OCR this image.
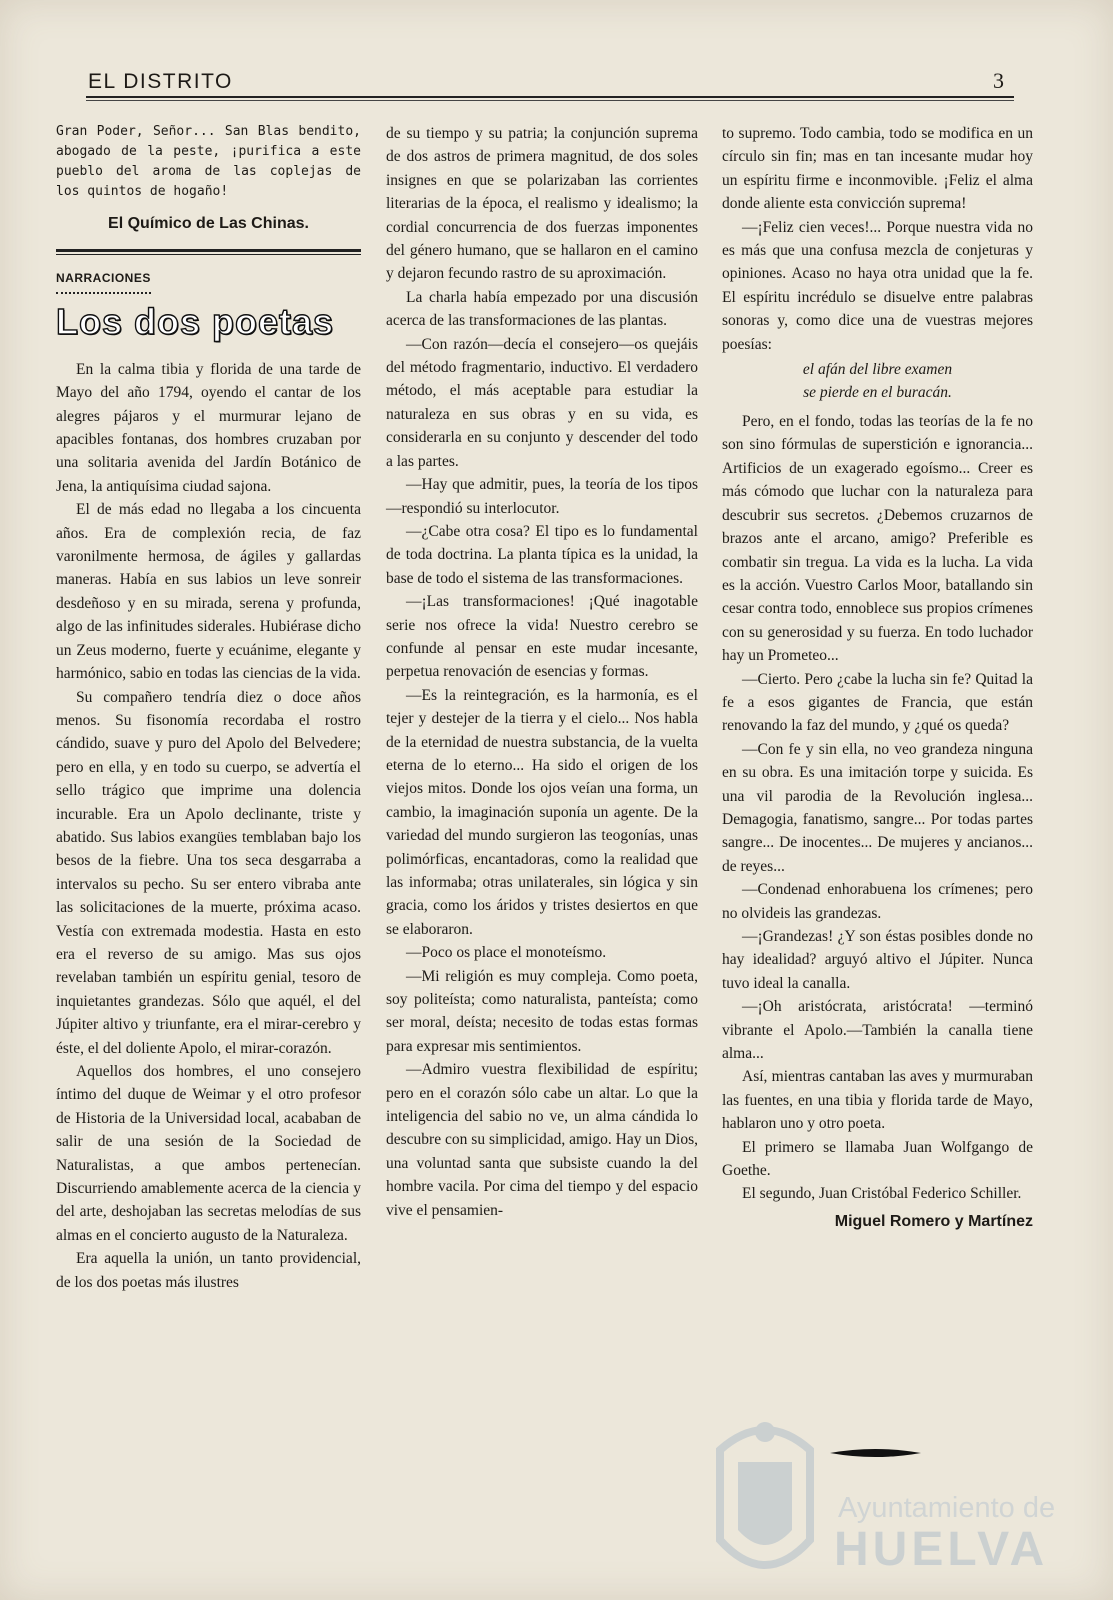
EL DISTRITO	3
Gran Poder, Señor... San Blas bendito, abogado de la peste, ¡purifica a este pueblo del aroma de las coplejas de los quintos de hogaño!
El Químico de Las Chinas.
NARRACIONES
Los dos poetas

En la calma tibia y florida de una tarde de Mayo del año 1794, oyendo el cantar de los alegres pájaros y el murmurar lejano de apacibles fontanas, dos hombres cruzaban por una solitaria avenida del Jardín Botánico de Jena, la antiquísima ciudad sajona.

El de más edad no llegaba a los cincuenta años. Era de complexión recia, de faz varonilmente hermosa, de ágiles y gallardas maneras. Había en sus labios un leve sonreir desdeñoso y en su mirada, serena y profunda, algo de las infinitudes siderales. Hubiérase dicho un Zeus moderno, fuerte y ecuánime, elegante y harmónico, sabio en todas las ciencias de la vida.

Su compañero tendría diez o doce años menos. Su fisonomía recordaba el rostro cándido, suave y puro del Apolo del Belvedere; pero en ella, y en todo su cuerpo, se advertía el sello trágico que imprime una dolencia incurable. Era un Apolo declinante, triste y abatido. Sus labios exangües temblaban bajo los besos de la fiebre. Una tos seca desgarraba a intervalos su pecho. Su ser entero vibraba ante las solicitaciones de la muerte, próxima acaso. Vestía con extremada modestia. Hasta en esto era el reverso de su amigo. Mas sus ojos revelaban también un espíritu genial, tesoro de inquietantes grandezas. Sólo que aquél, el del Júpiter altivo y triunfante, era el mirar-cerebro y éste, el del doliente Apolo, el mirar-corazón.

Aquellos dos hombres, el uno consejero íntimo del duque de Weimar y el otro profesor de Historia de la Universidad local, acababan de salir de una sesión de la Sociedad de Naturalistas, a que ambos pertenecían. Discurriendo amablemente acerca de la ciencia y del arte, deshojaban las secretas melodías de sus almas en el concierto augusto de la Naturaleza.

Era aquella la unión, un tanto providencial, de los dos poetas más ilustres

de su tiempo y su patria; la conjunción suprema de dos astros de primera magnitud, de dos soles insignes en que se polarizaban las corrientes literarias de la época, el realismo y idealismo; la cordial concurrencia de dos fuerzas imponentes del género humano, que se hallaron en el camino y dejaron fecundo rastro de su aproximación.

La charla había empezado por una discusión acerca de las transformaciones de las plantas.

—Con razón—decía el consejero—os quejáis del método fragmentario, inductivo. El verdadero método, el más aceptable para estudiar la naturaleza en sus obras y en su vida, es considerarla en su conjunto y descender del todo a las partes.

—Hay que admitir, pues, la teoría de los tipos—respondió su interlocutor.

—¿Cabe otra cosa? El tipo es lo fundamental de toda doctrina. La planta típica es la unidad, la base de todo el sistema de las transformaciones.

—¡Las transformaciones! ¡Qué inagotable serie nos ofrece la vida! Nuestro cerebro se confunde al pensar en este mudar incesante, perpetua renovación de esencias y formas.

—Es la reintegración, es la harmonía, es el tejer y destejer de la tierra y el cielo... Nos habla de la eternidad de nuestra substancia, de la vuelta eterna de lo eterno... Ha sido el origen de los viejos mitos. Donde los ojos veían una forma, un cambio, la imaginación suponía un agente. De la variedad del mundo surgieron las teogonías, unas polimórficas, encantadoras, como la realidad que las informaba; otras unilaterales, sin lógica y sin gracia, como los áridos y tristes desiertos en que se elaboraron.

—Poco os place el monoteísmo.

—Mi religión es muy compleja. Como poeta, soy politeísta; como naturalista, panteísta; como ser moral, deísta; necesito de todas estas formas para expresar mis sentimientos.

—Admiro vuestra flexibilidad de espíritu; pero en el corazón sólo cabe un altar. Lo que la inteligencia del sabio no ve, un alma cándida lo descubre con su simplicidad, amigo. Hay un Dios, una voluntad santa que subsiste cuando la del hombre vacila. Por cima del tiempo y del espacio vive el pensamien-

to supremo. Todo cambia, todo se modifica en un círculo sin fin; mas en tan incesante mudar hoy un espíritu firme e inconmovible. ¡Feliz el alma donde aliente esta convicción suprema!

—¡Feliz cien veces!... Porque nuestra vida no es más que una confusa mezcla de conjeturas y opiniones. Acaso no haya otra unidad que la fe. El espíritu incrédulo se disuelve entre palabras sonoras y, como dice una de vuestras mejores poesías:

el afán del libre examen
se pierde en el buracán.

Pero, en el fondo, todas las teorías de la fe no son sino fórmulas de superstición e ignorancia... Artificios de un exagerado egoísmo... Creer es más cómodo que luchar con la naturaleza para descubrir sus secretos. ¿Debemos cruzarnos de brazos ante el arcano, amigo? Preferible es combatir sin tregua. La vida es la lucha. La vida es la acción. Vuestro Carlos Moor, batallando sin cesar contra todo, ennoblece sus propios crímenes con su generosidad y su fuerza. En todo luchador hay un Prometeo...

—Cierto. Pero ¿cabe la lucha sin fe? Quitad la fe a esos gigantes de Francia, que están renovando la faz del mundo, y ¿qué os queda?

—Con fe y sin ella, no veo grandeza ninguna en su obra. Es una imitación torpe y suicida. Es una vil parodia de la Revolución inglesa... Demagogia, fanatismo, sangre... Por todas partes sangre... De inocentes... De mujeres y ancianos... de reyes...

—Condenad enhorabuena los crímenes; pero no olvideis las grandezas.

—¡Grandezas! ¿Y son éstas posibles donde no hay idealidad? arguyó altivo el Júpiter. Nunca tuvo ideal la canalla.

—¡Oh aristócrata, aristócrata! —terminó vibrante el Apolo.—También la canalla tiene alma...

Así, mientras cantaban las aves y murmuraban las fuentes, en una tibia y florida tarde de Mayo, hablaron uno y otro poeta.

El primero se llamaba Juan Wolfgango de Goethe.

El segundo, Juan Cristóbal Federico Schiller.

Miguel Romero y Martínez
Ayuntamiento de
HUELVA
